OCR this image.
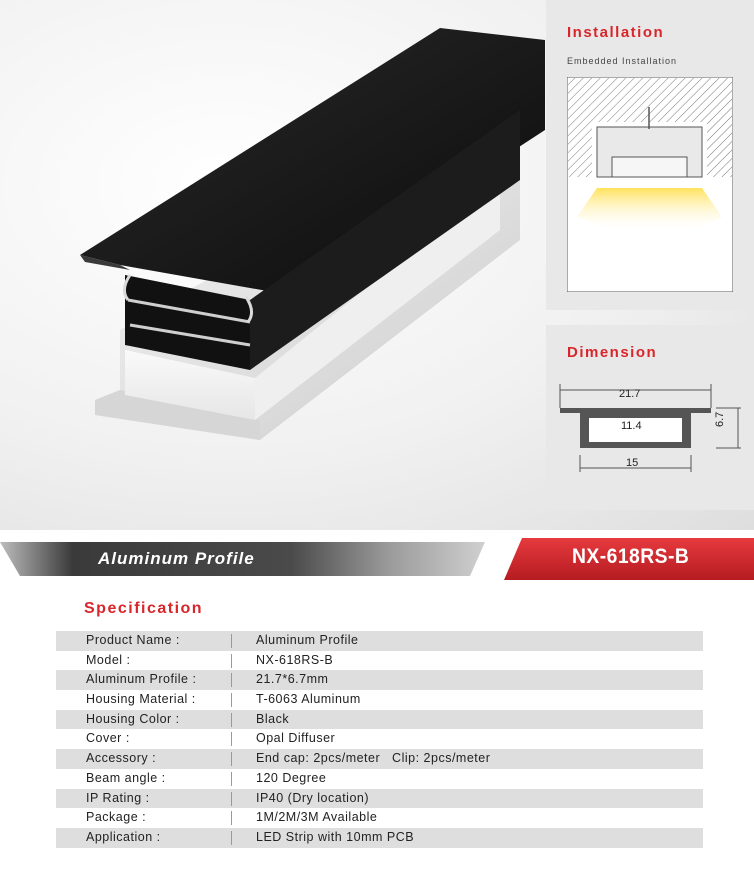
Installation
Embedded Installation
Dimension
21.7
11.4
15
6.7
Aluminum Profile	NX-618RS-B
Specification
Product Name :	Aluminum Profile
Model :	NX-618RS-B
Aluminum Profile :	21.7*6.7mm
Housing Material :	T-6063 Aluminum
Housing Color :	Black
Cover :	Opal Diffuser
Accessory :	End cap: 2pcs/meter   Clip: 2pcs/meter
Beam angle :	120 Degree
IP Rating :	IP40 (Dry location)
Package :	1M/2M/3M Available
Application :	LED Strip with 10mm PCB
